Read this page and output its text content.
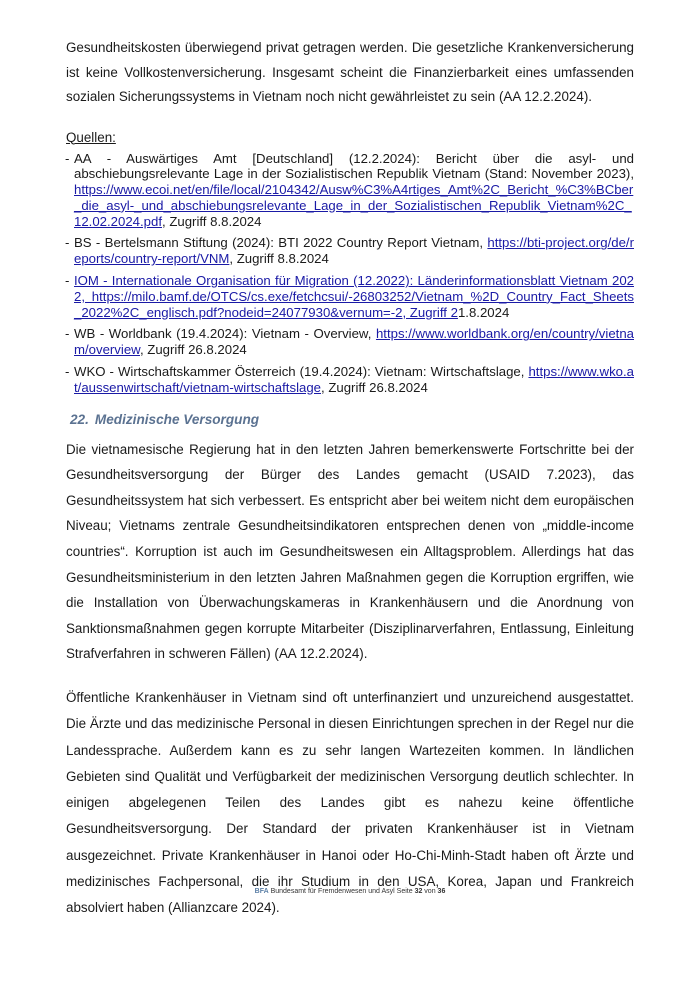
Gesundheitskosten überwiegend privat getragen werden. Die gesetzliche Krankenversicherung ist keine Vollkostenversicherung. Insgesamt scheint die Finanzierbarkeit eines umfassenden sozialen Sicherungssystems in Vietnam noch nicht gewährleistet zu sein (AA 12.2.2024).

Quellen:
- AA - Auswärtiges Amt [Deutschland] (12.2.2024): Bericht über die asyl- und abschiebungsrelevante Lage in der Sozialistischen Republik Vietnam (Stand: November 2023), https://www.ecoi.net/en/file/local/2104342/Ausw%C3%A4rtiges_Amt%2C_Bericht_%C3%BCber_die_asyl-_und_abschiebungsrelevante_Lage_in_der_Sozialistischen_Republik_Vietnam%2C_12.02.2024.pdf, Zugriff 8.8.2024
- BS - Bertelsmann Stiftung (2024): BTI 2022 Country Report Vietnam, https://bti-project.org/de/reports/country-report/VNM, Zugriff 8.8.2024
- IOM - Internationale Organisation für Migration (12.2022): Länderinformationsblatt Vietnam 2022, https://milo.bamf.de/OTCS/cs.exe/fetchcsui/-26803252/Vietnam_%2D_Country_Fact_Sheets_2022%2C_englisch.pdf?nodeid=24077930&vernum=-2, Zugriff 21.8.2024
- WB - Worldbank (19.4.2024): Vietnam - Overview, https://www.worldbank.org/en/country/vietnam/overview, Zugriff 26.8.2024
- WKO - Wirtschaftskammer Österreich (19.4.2024): Vietnam: Wirtschaftslage, https://www.wko.at/aussenwirtschaft/vietnam-wirtschaftslage, Zugriff 26.8.2024
22. Medizinische Versorgung

Die vietnamesische Regierung hat in den letzten Jahren bemerkenswerte Fortschritte bei der Gesundheitsversorgung der Bürger des Landes gemacht (USAID 7.2023), das Gesundheitssystem hat sich verbessert. Es entspricht aber bei weitem nicht dem europäischen Niveau; Vietnams zentrale Gesundheitsindikatoren entsprechen denen von „middle-income countries“. Korruption ist auch im Gesundheitswesen ein Alltagsproblem. Allerdings hat das Gesundheitsministerium in den letzten Jahren Maßnahmen gegen die Korruption ergriffen, wie die Installation von Überwachungskameras in Krankenhäusern und die Anordnung von Sanktionsmaßnahmen gegen korrupte Mitarbeiter (Disziplinarverfahren, Entlassung, Einleitung Strafverfahren in schweren Fällen) (AA 12.2.2024).

Öffentliche Krankenhäuser in Vietnam sind oft unterfinanziert und unzureichend ausgestattet. Die Ärzte und das medizinische Personal in diesen Einrichtungen sprechen in der Regel nur die Landessprache. Außerdem kann es zu sehr langen Wartezeiten kommen. In ländlichen Gebieten sind Qualität und Verfügbarkeit der medizinischen Versorgung deutlich schlechter. In einigen abgelegenen Teilen des Landes gibt es nahezu keine öffentliche Gesundheitsversorgung. Der Standard der privaten Krankenhäuser ist in Vietnam ausgezeichnet. Private Krankenhäuser in Hanoi oder Ho-Chi-Minh-Stadt haben oft Ärzte und medizinisches Fachpersonal, die ihr Studium in den USA, Korea, Japan und Frankreich absolviert haben (Allianzcare 2024).

BFA Bundesamt für Fremdenwesen und Asyl Seite 32 von 36
